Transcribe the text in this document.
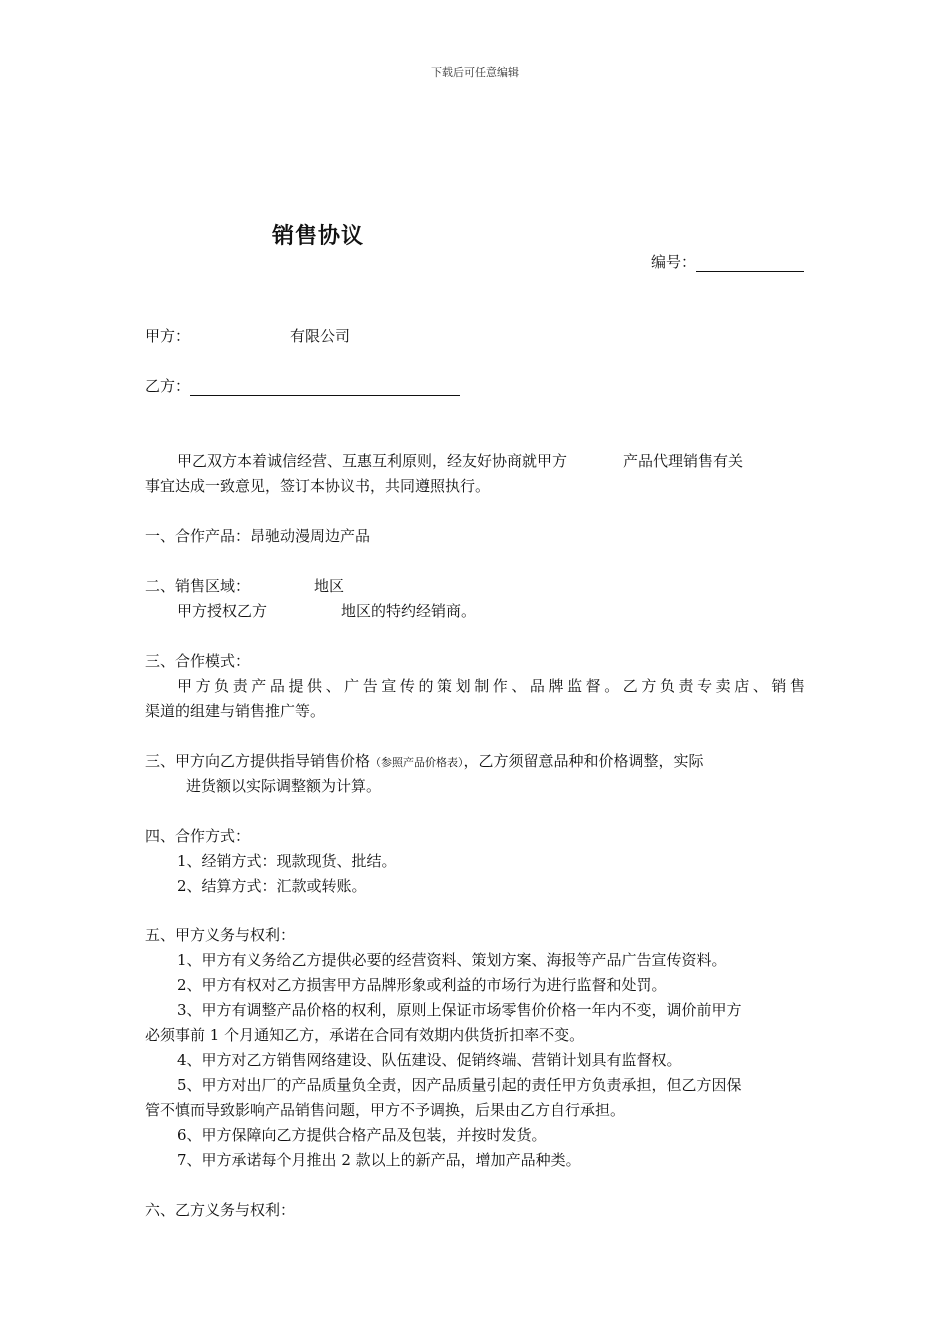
下载后可任意编辑
销售协议
编号：
甲方：	有限公司
乙方：
甲乙双方本着诚信经营、互惠互利原则，经友好协商就甲方	产品代理销售有关
事宜达成一致意见，签订本协议书，共同遵照执行。
一、合作产品：昂驰动漫周边产品
二、销售区域：	地区
甲方授权乙方	地区的特约经销商。
三、合作模式：
甲方负责产品提供、广告宣传的策划制作、品牌监督。乙方负责专卖店、销售
渠道的组建与销售推广等。
三、甲方向乙方提供指导销售价格（参照产品价格表），乙方须留意品种和价格调整，实际
进货额以实际调整额为计算。
四、合作方式：
1、经销方式：现款现货、批结。
2、结算方式：汇款或转账。
五、甲方义务与权利：
1、甲方有义务给乙方提供必要的经营资料、策划方案、海报等产品广告宣传资料。
2、甲方有权对乙方损害甲方品牌形象或利益的市场行为进行监督和处罚。
3、甲方有调整产品价格的权利，原则上保证市场零售价价格一年内不变，调价前甲方
必须事前 1 个月通知乙方，承诺在合同有效期内供货折扣率不变。
4、甲方对乙方销售网络建设、队伍建设、促销终端、营销计划具有监督权。
5、甲方对出厂的产品质量负全责，因产品质量引起的责任甲方负责承担，但乙方因保
管不慎而导致影响产品销售问题，甲方不予调换，后果由乙方自行承担。
6、甲方保障向乙方提供合格产品及包装，并按时发货。
7、甲方承诺每个月推出 2 款以上的新产品，增加产品种类。
六、乙方义务与权利：
